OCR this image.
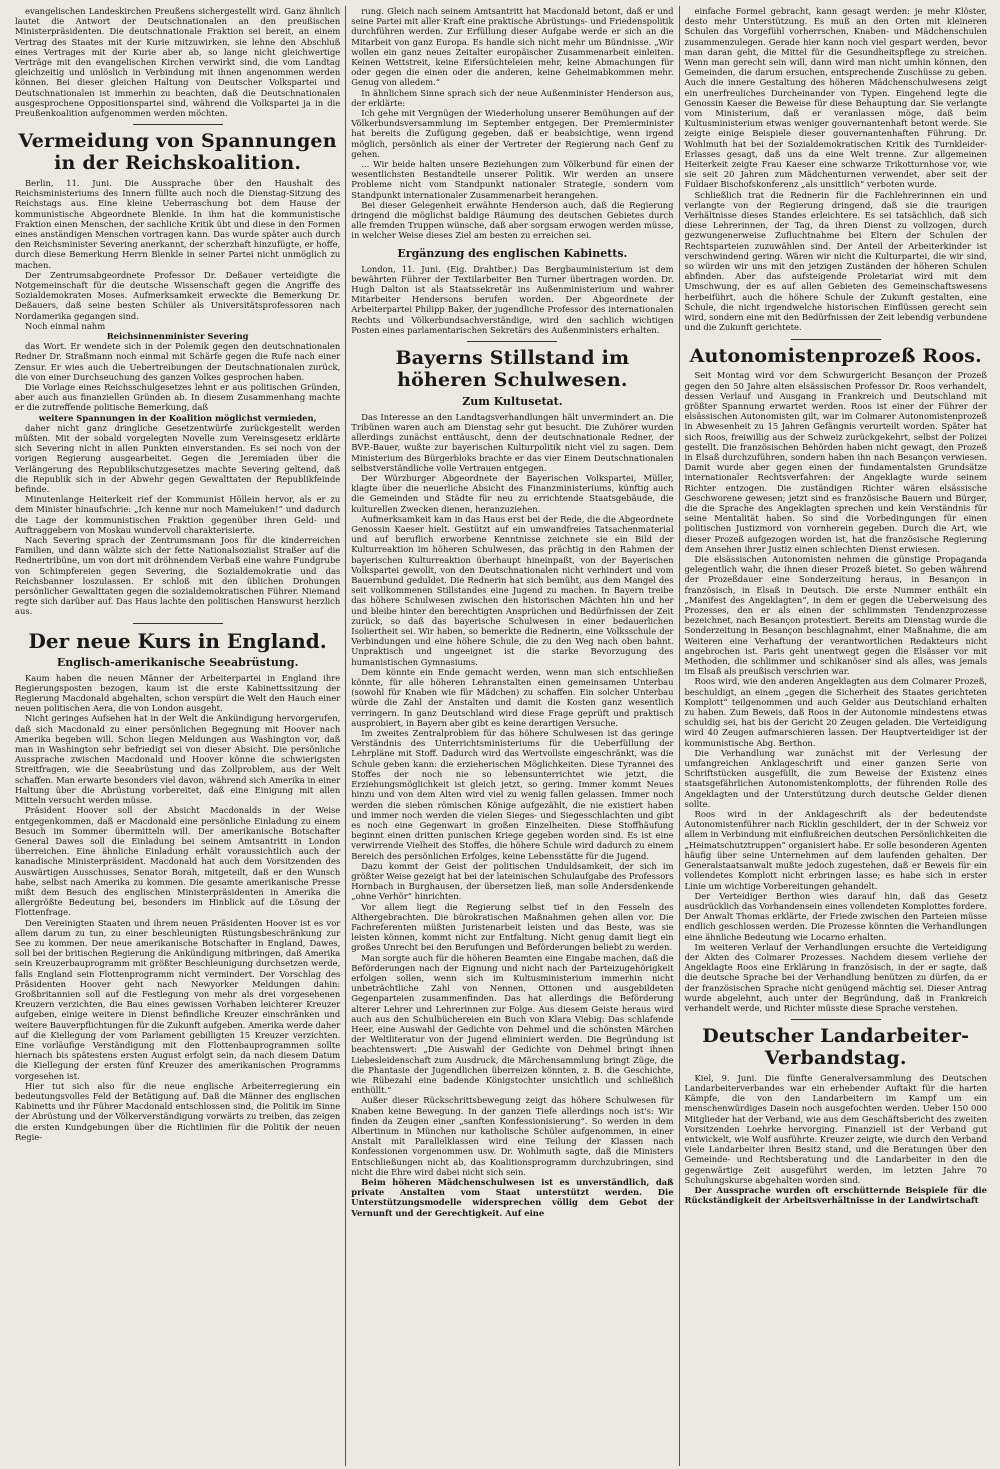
evangelischen Landeskirchen Preußens sichergestellt wird. Ganz ähnlich lautet die Antwort der Deutschnationalen an den preußischen Ministerpräsidenten. Die deutschnationale Fraktion sei bereit, an einem Vertrag des Staates mit der Kurie mitzuwirken, sie lehne den Abschluß eines Vertrages mit der Kurie aber ab, so lange nicht gleichwertige Verträge mit den evangelischen Kirchen verwirkt sind, die vom Landtag gleichzeitig und unlöslich in Verbindung mit ihnen angenommen werden können. Bei dieser gleichen Haltung von Deutscher Volkspartei und Deutschnationalen ist immerhin zu beachten, daß die Deutschnationalen ausgesprochene Oppositionspartei sind, während die Volkspartei ja in die Preußenkoalition aufgenommen werden möchten.

Vermeidung von Spannungen in der Reichskoalition.

Berlin, 11. Juni. Die Aussprache über den Haushalt des Reichsministeriums des Innern füllte auch noch die Dienstag-Sitzung des Reichstags aus. Eine kleine Ueberraschung bot dem Hause der kommunistische Abgeordnete Blenkle. In ihm hat die kommunistische Fraktion einen Menschen, der sachliche Kritik übt und diese in den Formen eines anständigen Menschen vortragen kann. Das wurde später auch durch den Reichsminister Severing anerkannt, der scherzhaft hinzufügte, er hoffe, durch diese Bemerkung Herrn Blenkle in seiner Partei nicht unmöglich zu machen.

Der Zentrumsabgeordnete Professor Dr. Deßauer verteidigte die Notgemeinschaft für die deutsche Wissenschaft gegen die Angriffe des Sozialdemokraten Moses. Aufmerksamkeit erweckte die Bemerkung Dr. Deßauers, daß seine besten Schüler als Universitätsprofessoren nach Nordamerika gegangen sind.

Noch einmal nahm

Reichsinnenminister Severing

das Wort. Er wendete sich in der Polemik gegen den deutschnationalen Redner Dr. Straßmann noch einmal mit Schärfe gegen die Rufe nach einer Zensur. Er wies auch die Uebertreibungen der Deutschnationalen zurück, die von einer Durchseuchung des ganzen Volkes gesprochen haben.

Die Vorlage eines Reichsschulgesetzes lehnt er aus politischen Gründen, aber auch aus finanziellen Gründen ab. In diesem Zusammenhang machte er die zutreffende politische Bemerkung, daß

weitere Spannungen in der Koalition möglichst vermieden,

daher nicht ganz dringliche Gesetzentwürfe zurückgestellt werden müßten. Mit der sobald vorgelegten Novelle zum Vereinsgesetz erklärte sich Severing nicht in allen Punkten einverstanden. Es sei noch von der vorigen Regierung ausgearbeitet. Gegen die Jeremiaden über die Verlängerung des Republikschutzgesetzes machte Severing geltend, daß die Republik sich in der Abwehr gegen Gewalttaten der Republikfeinde befinde.

Minutenlange Heiterkeit rief der Kommunist Höllein hervor, als er zu dem Minister hinaufschrie: „Ich kenne nur noch Mameluken!“ und dadurch die Lage der kommunistischen Fraktion gegenüber ihren Geld- und Auftraggebern von Moskau wundervoll charakterisierte.

Nach Severing sprach der Zentrumsmann Joos für die kinderreichen Familien, und dann wälzte sich der fette Nationalsozialist Straßer auf die Rednertribüne, um von dort mit dröhnendem Verbaß eine wahre Fundgrube von Schimpfereien gegen Severing, die Sozialdemokratie und das Reichsbanner loszulassen. Er schloß mit den üblichen Drohungen persönlicher Gewalttaten gegen die sozialdemokratischen Führer. Niemand regte sich darüber auf. Das Haus lachte den politischen Hanswurst herzlich aus.

Der neue Kurs in England.
Englisch-amerikanische Seeabrüstung.

Kaum haben die neuen Männer der Arbeiterpartei in England ihre Regierungsposten bezogen, kaum ist die erste Kabinettssitzung der Regierung Macdonald abgehalten, schon verspürt die Welt den Hauch einer neuen politischen Aera, die von London ausgeht.

Nicht geringes Aufsehen hat in der Welt die Ankündigung hervorgerufen, daß sich Macdonald zu einer persönlichen Begegnung mit Hoover nach Amerika begeben will. Schon liegen Meldungen aus Washington vor, daß man in Washington sehr befriedigt sei von dieser Absicht. Die persönliche Aussprache zwischen Macdonald und Hoover könne die schwierigsten Streitfragen, wie die Seeabrüstung und das Zollproblem, aus der Welt schaffen. Man erwarte besonders viel davon, während sich Amerika in einer Haltung über die Abrüstung vorbereitet, daß eine Einigung mit allen Mitteln versucht werden müsse.

Präsident Hoover soll der Absicht Macdonalds in der Weise entgegenkommen, daß er Macdonald eine persönliche Einladung zu einem Besuch im Sommer übermitteln will. Der amerikanische Botschafter General Dawes soll die Einladung bei seinem Amtsantritt in London überreichen. Eine ähnliche Einladung erhält voraussichtlich auch der kanadische Ministerpräsident. Macdonald hat auch dem Vorsitzenden des Auswärtigen Ausschusses, Senator Borah, mitgeteilt, daß er den Wunsch habe, selbst nach Amerika zu kommen. Die gesamte amerikanische Presse mißt dem Besuch des englischen Ministerpräsidenten in Amerika die allergrößte Bedeutung bei, besonders im Hinblick auf die Lösung der Flottenfrage.

Den Vereinigten Staaten und ihrem neuen Präsidenten Hoover ist es vor allem darum zu tun, zu einer beschleunigten Rüstungsbeschränkung zur See zu kommen. Der neue amerikanische Botschafter in England, Dawes, soll bei der britischen Regierung die Ankündigung mitbringen, daß Amerika sein Kreuzerbauprogramm mit größter Beschleunigung durchsetzen werde, falls England sein Flottenprogramm nicht vermindert. Der Vorschlag des Präsidenten Hoover geht nach Newyorker Meldungen dahin: Großbritannien soll auf die Festlegung von mehr als drei vorgesehenen Kreuzern verzichten, die Bau eines gewissen Vorhaben leichterer Kreuzer aufgeben, einige weitere in Dienst befindliche Kreuzer einschränken und weitere Bauverpflichtungen für die Zukunft aufgeben. Amerika werde daher auf die Kiellegung der vom Parlament gebilligten 15 Kreuzer verzichten. Eine vorläufige Verständigung mit den Flottenbauprogrammen sollte hiernach bis spätestens ersten August erfolgt sein, da nach diesem Datum die Kiellegung der ersten fünf Kreuzer des amerikanischen Programms vorgesehen ist.

Hier tut sich also für die neue englische Arbeiterregierung ein bedeutungsvolles Feld der Betätigung auf. Daß die Männer des englischen Kabinetts und ihr Führer Macdonald entschlossen sind, die Politik im Sinne der Abrüstung und der Völkerverständigung vorwärts zu treiben, das zeigen die ersten Kundgebungen über die Richtlinien für die Politik der neuen Regie-

rung. Gleich nach seinem Amtsantritt hat Macdonald betont, daß er und seine Partei mit aller Kraft eine praktische Abrüstungs- und Friedenspolitik durchführen werden. Zur Erfüllung dieser Aufgabe werde er sich an die Mitarbeit von ganz Europa. Es handle sich nicht mehr um Bündnisse. „Wir wollen ein ganz neues Zeitalter europäischer Zusammenarbeit einleiten. Keinen Wettstreit, keine Eifersüchteleien mehr, keine Abmachungen für oder gegen die einen oder die anderen, keine Geheimabkommen mehr. Genug von alledem.“

In ähnlichem Sinne sprach sich der neue Außenminister Henderson aus, der erklärte:

Ich gehe mit Vergnügen der Wiederholung unserer Bemühungen auf der Völkerbundsversammlung im September entgegen. Der Premierminister hat bereits die Zufügung gegeben, daß er beabsichtige, wenn irgend möglich, persönlich als einer der Vertreter der Regierung nach Genf zu gehen.

... Wir beide halten unsere Beziehungen zum Völkerbund für einen der wesentlichsten Bestandteile unserer Politik. Wir werden an unsere Probleme nicht vom Standpunkt nationaler Strategie, sondern vom Standpunkt internationaler Zusammenarbeit herangehen.

Bei dieser Gelegenheit erwähnte Henderson auch, daß die Regierung dringend die möglichst baldige Räumung des deutschen Gebietes durch alle fremden Truppen wünsche, daß aber sorgsam erwogen werden müsse, in welcher Weise dieses Ziel am besten zu erreichen sei.

Ergänzung des englischen Kabinetts.

London, 11. Juni. (Eig. Drahtber.) Das Bergbauministerium ist dem bewährten Führer der Textilarbeiter Ben Turner übertragen worden. Dr. Hugh Dalton ist als Staatssekretär ins Außenministerium und wahrer Mitarbeiter Hendersons berufen worden. Der Abgeordnete der Arbeiterpartei Philipp Baker, der jugendliche Professor des internationalen Rechts und Völkerbundsachverständige, wird den sachlich wichtigen Posten eines parlamentarischen Sekretärs des Außenministers erhalten.

Bayerns Stillstand im höheren Schulwesen.
Zum Kultusetat.

Das Interesse an den Landtagsverhandlungen hält unvermindert an. Die Tribünen waren auch am Dienstag sehr gut besucht. Die Zuhörer wurden allerdings zunächst enttäuscht, denn der deutschnationale Redner, der BVP.-Bauer, wußte zur bayerischen Kulturpolitik nicht viel zu sagen. Dem Ministerium des Bürgerbloks brachte er das vier Einem Deutschnationalen selbstverständliche volle Vertrauen entgegen.

Der Würzburger Abgeordnete der Bayerischen Volkspartei, Müller, klagte über die neuerliche Absicht des Finanzministeriums, künftig auch die Gemeinden und Städte für neu zu errichtende Staatsgebäude, die kulturellen Zwecken dienen, heranzuziehen.

Aufmerksamkeit kam in das Haus erst bei der Rede, die die Abgeordnete Genossin Kaeser hielt. Gestützt auf ein umwandfreies Tatsachenmaterial und auf beruflich erworbene Kenntnisse zeichnete sie ein Bild der Kulturreaktion im höheren Schulwesen, das prächtig in den Rahmen der bayerischen Kulturreaktion überhaupt hineinpaßt, von der Bayerischen Volkspartei gewollt, von den Deutschnationalen nicht verhindert und vom Bauernbund geduldet. Die Rednerin hat sich bemüht, aus dem Mangel des seit vollkommenen Stillstandes eine Jugend zu machen. In Bayern treibe das höhere Schulwesen zwischen den historischen Mächten hin und her und bleibe hinter den berechtigten Ansprüchen und Bedürfnissen der Zeit zurück, so daß das bayerische Schulwesen in einer bedauerlichen Isoliertheit sei. Wir haben, so bemerkte die Rednerin, eine Volksschule der Verbindungen und eine höhere Schule, die zu den Weg nach oben bahnt. Unpraktisch und ungeeignet ist die starke Bevorzugung des humanistischen Gymnasiums.

Dem könnte ein Ende gemacht werden, wenn man sich entschließen könnte, für alle höheren Lehranstalten einen gemeinsamen Unterbau (sowohl für Knaben wie für Mädchen) zu schaffen. Ein solcher Unterbau würde die Zahl der Anstalten und damit die Kosten ganz wesentlich verringern. In ganz Deutschland wird diese Frage geprüft und praktisch ausprobiert, in Bayern aber gibt es keine derartigen Versuche.

Im zweites Zentralproblem für das höhere Schulwesen ist das geringe Verständnis des Unterrichtsministeriums für die Ueberfüllung der Lehrpläne mit Stoff. Dadurch wird das Wertvollste eingeschränkt, was die Schule geben kann: die erzieherischen Möglichkeiten. Diese Tyrannei des Stoffes der noch nie so lebensunterrichtet wie jetzt, die Erziehungsmöglichkeit ist gleich jetzt, so gering. Immer kommt Neues hinzu und von dem Alten wird viel zu wenig fallen gelassen. Immer noch werden die sieben römischen Könige aufgezählt, die nie existiert haben und immer noch werden die vielen Sieges- und Siegesschlachten und gibt es noch eine Gegenwart in großen Einzelheiten. Diese Stoffhäufung beginnt einen dritten punischen Kriege gegeben worden sind. Es ist eine verwirrende Vielheit des Stoffes, die höhere Schule wird dadurch zu einem Bereich des persönlichen Erfolges, keine Lebensstätte für die Jugend.

Dazu kommt der Geist der politischen Unduldsamkeit, der sich im größter Weise gezeigt hat bei der lateinischen Schulaufgabe des Professors Hornbach in Burghausen, der übersetzen ließ, man solle Andersdenkende „ohne Verhör“ hinrichten.

Vor allem liegt die Regierung selbst tief in den Fesseln des Althergebrachten. Die bürokratischen Maßnahmen gehen allen vor. Die Fachreferenten müßten Juristenarbeit leisten und das Beste, was sie leisten können, kommt nicht zur Entfaltung. Nicht genug damit liegt ein großes Unrecht bei den Berufungen und Beförderungen beliebt zu werden.

Man sorgte auch für die höheren Beamten eine Eingabe machen, daß die Beförderungen nach der Eignung und nicht nach der Parteizugehörigkeit erfolgen sollen, wenn sich im Kultusministerium immerhin nicht unbeträchtliche Zahl von Nennen, Ottonen und ausgebildeten Gegenparteien zusammenfinden. Das hat allerdings die Beförderung alterer Lehrer und Lehrerinnen zur Folge. Aus diesem Geiste heraus wird auch aus den Schulbüchereien ein Buch von Klara Viebig: Das schlafende Heer, eine Auswahl der Gedichte von Dehmel und die schönsten Märchen der Weltliteratur von der Jugend eliminiert werden. Die Begründung ist beachtenswert: „Die Auswahl der Gedichte von Dehmel bringt ihnen Liebesleidenschaft zum Ausdruck, die Märchensammlung bringt Züge, die die Phantasie der Jugendlichen überreizen könnten, z. B. die Geschichte, wie Rübezahl eine badende Königstochter unsichtlich und schließlich enthüllt.“

Außer dieser Rückschrittsbewegung zeigt das höhere Schulwesen für Knaben keine Bewegung. In der ganzen Tiefe allerdings noch ist's: Wir finden da Zeugen einer „sanften Konfessionisierung“. So werden in dem Albertinum in München nur katholische Schüler aufgenommen, in einer Anstalt mit Parallelklassen wird eine Teilung der Klassen nach Konfessionen vorgenommen usw. Dr. Wohlmuth sagte, daß die Ministers Entschließungen nicht ab, das Koalitionsprogramm durchzubringen, sind nicht die Ehre wird dabei nicht sich sein.

Beim höheren Mädchenschulwesen ist es unverständlich, daß private Anstalten vom Staat unterstützt werden. Die Unterstützungsmodelle widersprechen völlig dem Gebot der Vernunft und der Gerechtigkeit. Auf eine

einfache Formel gebracht, kann gesagt werden: je mehr Klöster, desto mehr Unterstützung. Es muß an den Orten mit kleineren Schulen das Vorgefühl vorherrschen, Knaben- und Mädchenschulen zusammenzulegen. Gerade hier kann noch viel gespart werden, bevor man daran geht, die Mittel für die Gesundheitspflege zu streichen. Wenn man gerecht sein will, dann wird man nicht umhin können, den Gemeinden, die darum ersuchen, entsprechende Zuschüsse zu geben. Auch die innere Gestaltung des höheren Mädchenschulwesens zeigt ein unerfreuliches Durcheinander von Typen. Eingehend legte die Genossin Kaeser die Beweise für diese Behauptung dar. Sie verlangte vom Ministerium, daß er veranlassen möge, daß beim Kultusministerium etwas weniger gouvernantenhaft betont werde. Sie zeigte einige Beispiele dieser gouvernantenhaften Führung. Dr. Wohlmuth hat bei der Sozialdemokratischen Kritik des Turnkleider-Erlasses gesagt, daß uns da eine Welt trenne. Zur allgemeinen Heiterkeit zeigte Frau Kaeser eine schwarze Trikotturnhose vor, wie sie seit 20 Jahren zum Mädchenturnen verwendet, aber seit der Fuldaer Bischofskonferenz „als unsittlich“ verboten wurde.

Schließlich trat die Rednerin für die Fachlehrerinnen ein und verlangte von der Regierung dringend, daß sie die traurigen Verhältnisse dieses Standes erleichtere. Es sei tatsächlich, daß sich diese Lehrerinnen, der Tag, da ihren Dienst zu vollzogen, durch gezwungenerweise Zufluchtnahme bei Eltern der Schulen der Rechtsparteien zuzuwählen sind. Der Anteil der Arbeiterkinder ist verschwindend gering. Wären wir nicht die Kulturpartei, die wir sind, so würden wir uns mit den jetzigen Zuständen der höheren Schulen abfinden. Aber das aufsteigende Proletariat wird mit dem Umschwung, der es auf allen Gebieten des Gemeinschaftswesens herbeiführt, auch die höhere Schule der Zukunft gestalten, eine Schule, die nicht irgendwelche historischen Einflüssen gerecht sein wird, sondern eine mit den Bedürfnissen der Zeit lebendig verbundene und die Zukunft gerichtete.

Autonomistenprozeß Roos.

Seit Montag wird vor dem Schwurgericht Besançon der Prozeß gegen den 50 Jahre alten elsässischen Professor Dr. Roos verhandelt, dessen Verlauf und Ausgang in Frankreich und Deutschland mit größter Spannung erwartet werden. Roos ist einer der Führer der elsässischen Autonomisten gilt, war im Colmarer Autonomistenprozeß in Abwesenheit zu 15 Jahren Gefängnis verurteilt worden. Später hat sich Roos, freiwillig aus der Schweiz zurückgekehrt, selbst der Polizei gestellt. Die französischen Behörden haben nicht gewagt, den Prozeß in Elsaß durchzuführen, sondern haben ihn nach Besançon verwiesen. Damit wurde aber gegen einen der fundamentalsten Grundsätze internationaler Rechtsverfahren: der Angeklagte wurde seinem Richter entzogen. Die zuständigen Richter wären elsässische Geschworene gewesen; jetzt sind es französische Bauern und Bürger, die die Sprache des Angeklagten sprechen und kein Verständnis für seine Mentalität haben. So sind die Vorbedingungen für einen politischen Justizmord von vornherein gegeben. Durch die Art, wie dieser Prozeß aufgezogen worden ist, hat die französische Regierung dem Ansehen ihrer Justiz einen schlechten Dienst erwiesen.

Die elsässischen Autonomisten nehmen die günstige Propaganda gelegentlich wahr, die ihnen dieser Prozeß bietet. So geben während der Prozeßdauer eine Sonderzeitung heraus, in Besançon in französisch, in Elsaß in Deutsch. Die erste Nummer enthält ein „Manifest des Angeklagten“, in dem er gegen die Ueberweisung des Prozesses, den er als einen der schlimmsten Tendenzprozesse bezeichnet, nach Besançon protestiert. Bereits am Dienstag wurde die Sonderzeitung in Besançon beschlagnahmt, einer Maßnahme, die am Weiteren eine Verhaftung der verantwortlichen Redakteurs nicht angebrochen ist. Paris geht unentwegt gegen die Elsässer vor mit Methoden, die schlimmer und schikanöser sind als alles, was jemals im Elsaß als preußisch verschrien war.

Roos wird, wie den anderen Angeklagten aus dem Colmarer Prozeß, beschuldigt, an einem „gegen die Sicherheit des Staates gerichteten Komplott“ teilgenommen und auch Gelder aus Deutschland erhalten zu haben. Zum Beweis, daß Roos in der Autonomie mindestens etwas schuldig sei, hat bis der Gericht 20 Zeugen geladen. Die Verteidigung wird 40 Zeugen aufmarschieren lassen. Der Hauptverteidiger ist der kommunistische Abg. Berthon.

Die Verhandlung war zunächst mit der Verlesung der umfangreichen Anklageschrift und einer ganzen Serie von Schriftstücken ausgefüllt, die zum Beweise der Existenz eines staatsgefährlichen Autonomistenkomplotts, der führenden Rolle des Angeklagten und der Unterstützung durch deutsche Gelder dienen sollte.

Roos wird in der Anklageschrift als der bedeutendste Autonomistenführer nach Ricklin geschildert, der in der Schweiz vor allem in Verbindung mit einflußreichen deutschen Persönlichkeiten die „Heimatschutztruppen“ organisiert habe. Er solle besonderen Agenten häufig über seine Unternehmen auf dem laufenden gehalten. Der Generalstaatsanwalt mußte jedoch zugestehen, daß er Beweis für ein vollendetes Komplott nicht erbringen lasse; es habe sich in erster Linie um wichtige Vorbereitungen gehandelt.

Der Verteidiger Berthon wies darauf hin, daß das Gesetz ausdrücklich das Vorhandensein eines vollendeten Komplottes fordere. Der Anwalt Thomas erklärte, der Friede zwischen den Parteien müsse endlich geschlossen werden. Die Prozesse könnten die Verhandlungen eine ähnliche Bedeutung wie Locarno erhalten.

Im weiteren Verlauf der Verhandlungen ersuchte die Verteidigung der Akten des Colmarer Prozesses. Nachdem diesem verliehe der Angeklagte Roos eine Erklärung in französisch, in der er sagte, daß die deutsche Sprache bei der Verhandlung benützen zu dürfen, da er der französischen Sprache nicht genügend mächtig sei. Dieser Antrag wurde abgelehnt, auch unter der Begründung, daß in Frankreich verhandelt werde, und Richter müsste diese Sprache verstehen.

Deutscher Landarbeiter-Verbandstag.

Kiel, 9. Juni. Die fünfte Generalversammlung des Deutschen Landarbeiterverbandes war ein erhebender Auftakt für die harten Kämpfe, die von den Landarbeitern im Kampf um ein menschenwürdiges Dasein noch ausgefochten werden. Ueber 150 000 Mitglieder hat der Verband, wie aus dem Geschäftsbericht des zweiten Vorsitzenden Loehrke hervorging. Finanziell ist der Verband gut entwickelt, wie Wolf ausführte. Kreuzer zeigte, wie durch den Verband viele Landarbeiter ihren Besitz stand, und die Beratungen über den Gemeinde- und Rechtsberatung und die Landarbeiter in den die gegenwärtige Zeit ausgeführt werden, im letzten Jahre 70 Schulungskurse abgehalten worden sind.

Der Aussprache wurden oft erschütternde Beispiele für die Rückständigkeit der Arbeitsverhältnisse in der Landwirtschaft
